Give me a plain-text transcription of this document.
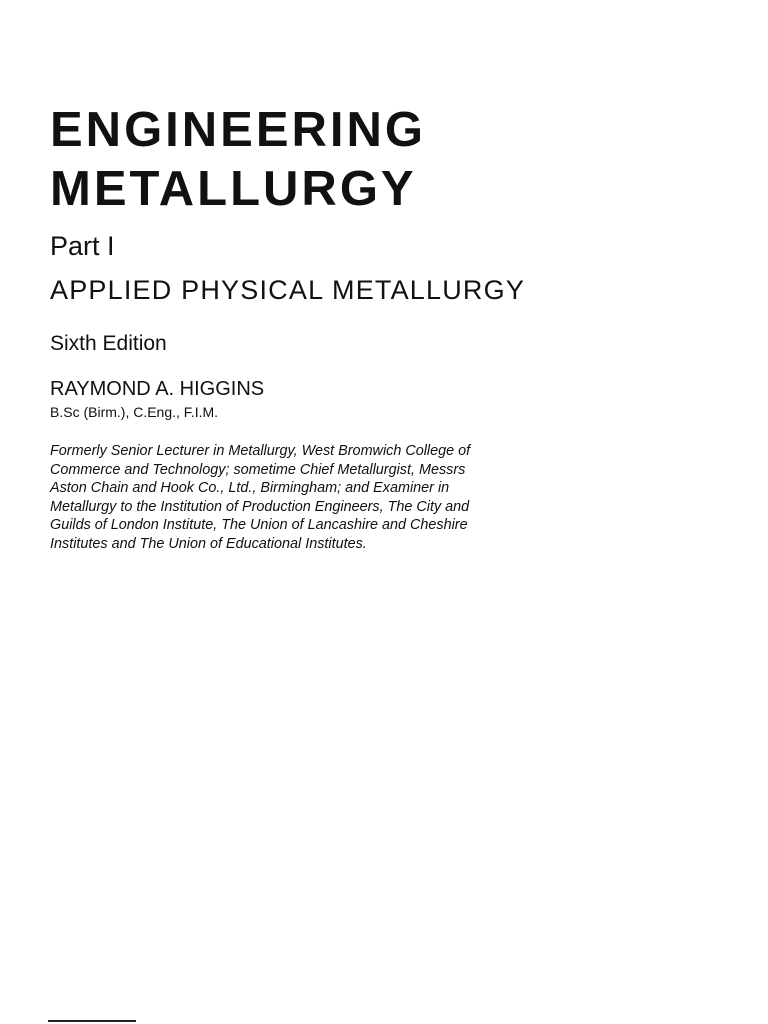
ENGINEERING
METALLURGY
Part I
APPLIED PHYSICAL METALLURGY
Sixth Edition
RAYMOND A. HIGGINS
B.Sc (Birm.), C.Eng., F.I.M.
Formerly Senior Lecturer in Metallurgy, West Bromwich College of
Commerce and Technology; sometime Chief Metallurgist, Messrs
Aston Chain and Hook Co., Ltd., Birmingham; and Examiner in
Metallurgy to the Institution of Production Engineers, The City and
Guilds of London Institute, The Union of Lancashire and Cheshire
Institutes and The Union of Educational Institutes.
